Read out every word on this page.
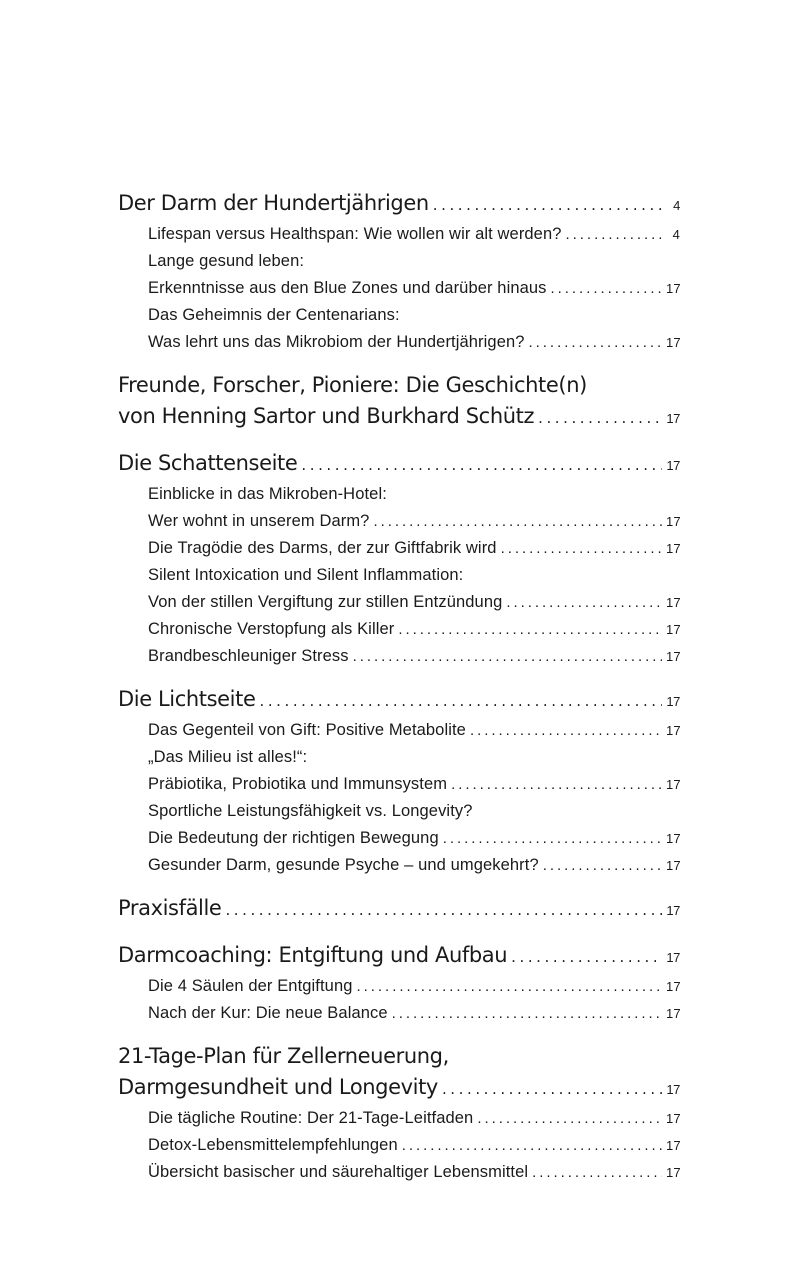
Der Darm der Hundertjährigen . . .	4
Lifespan versus Healthspan: Wie wollen wir alt werden? . . .	4
Lange gesund leben:
Erkenntnisse aus den Blue Zones und darüber hinaus . . .	17
Das Geheimnis der Centenarians:
Was lehrt uns das Mikrobiom der Hundertjährigen? . . .	17
Freunde, Forscher, Pioniere: Die Geschichte(n)
von Henning Sartor und Burkhard Schütz . . .	17
Die Schattenseite . . .	17
Einblicke in das Mikroben-Hotel:
Wer wohnt in unserem Darm? . . .	17
Die Tragödie des Darms, der zur Giftfabrik wird . . .	17
Silent Intoxication und Silent Inflammation:
Von der stillen Vergiftung zur stillen Entzündung . . .	17
Chronische Verstopfung als Killer . . .	17
Brandbeschleuniger Stress . . .	17
Die Lichtseite . . .	17
Das Gegenteil von Gift: Positive Metabolite . . .	17
„Das Milieu ist alles!“:
Präbiotika, Probiotika und Immunsystem . . .	17
Sportliche Leistungsfähigkeit vs. Longevity?
Die Bedeutung der richtigen Bewegung . . .	17
Gesunder Darm, gesunde Psyche – und umgekehrt? . . .	17
Praxisfälle . . .	17
Darmcoaching: Entgiftung und Aufbau . . .	17
Die 4 Säulen der Entgiftung . . .	17
Nach der Kur: Die neue Balance . . .	17
21-Tage-Plan für Zellerneuerung,
Darmgesundheit und Longevity . . .	17
Die tägliche Routine: Der 21-Tage-Leitfaden . . .	17
Detox-Lebensmittelempfehlungen . . .	17
Übersicht basischer und säurehaltiger Lebensmittel . . .	17
